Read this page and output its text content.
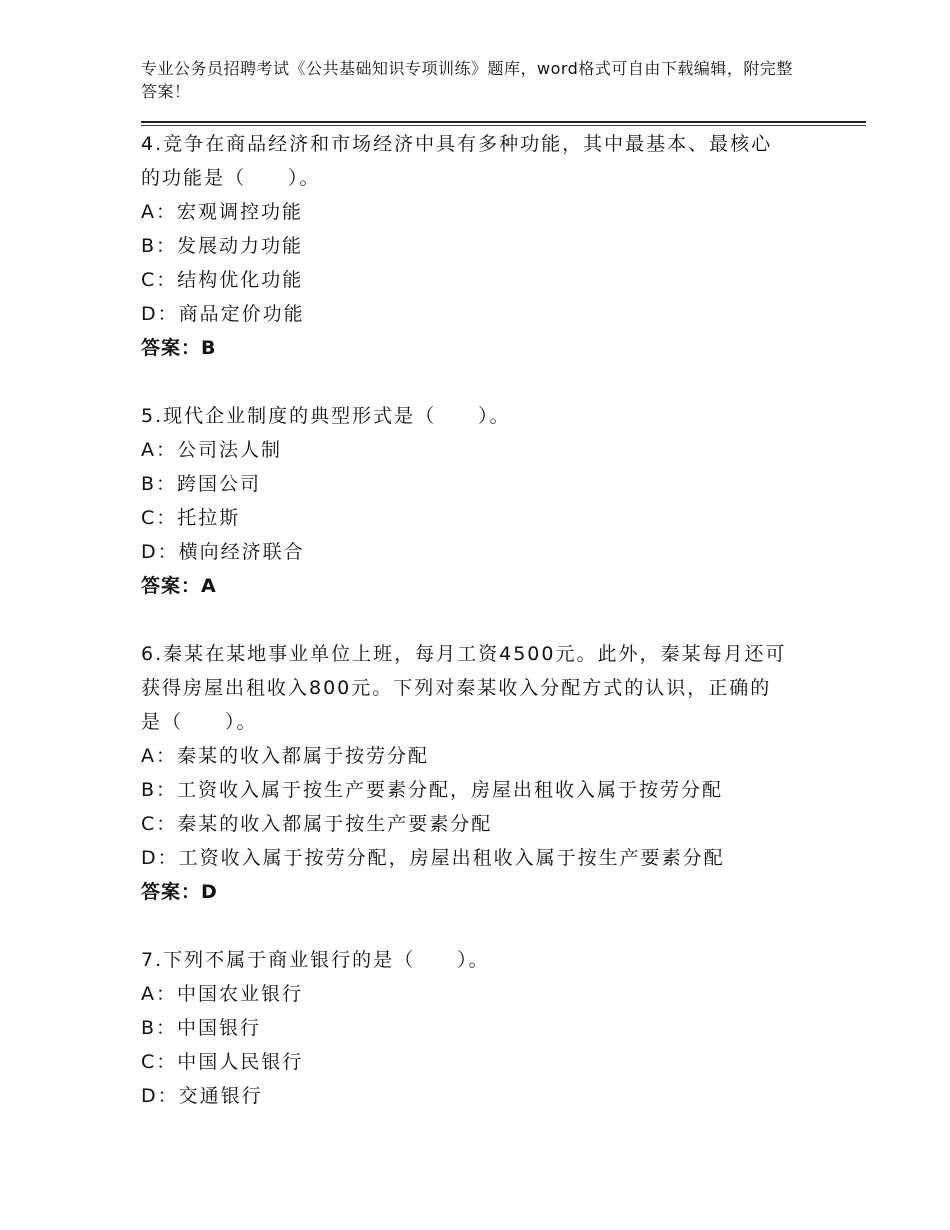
专业公务员招聘考试《公共基础知识专项训练》题库，word格式可自由下载编辑，附完整答案！
4.竞争在商品经济和市场经济中具有多种功能，其中最基本、最核心
的功能是（　　）。
A：宏观调控功能
B：发展动力功能
C：结构优化功能
D：商品定价功能
答案：B
5.现代企业制度的典型形式是（　　）。
A：公司法人制
B：跨国公司
C：托拉斯
D：横向经济联合
答案：A
6.秦某在某地事业单位上班，每月工资4500元。此外，秦某每月还可
获得房屋出租收入800元。下列对秦某收入分配方式的认识，正确的
是（　　）。
A：秦某的收入都属于按劳分配
B：工资收入属于按生产要素分配，房屋出租收入属于按劳分配
C：秦某的收入都属于按生产要素分配
D：工资收入属于按劳分配，房屋出租收入属于按生产要素分配
答案：D
7.下列不属于商业银行的是（　　）。
A：中国农业银行
B：中国银行
C：中国人民银行
D：交通银行
